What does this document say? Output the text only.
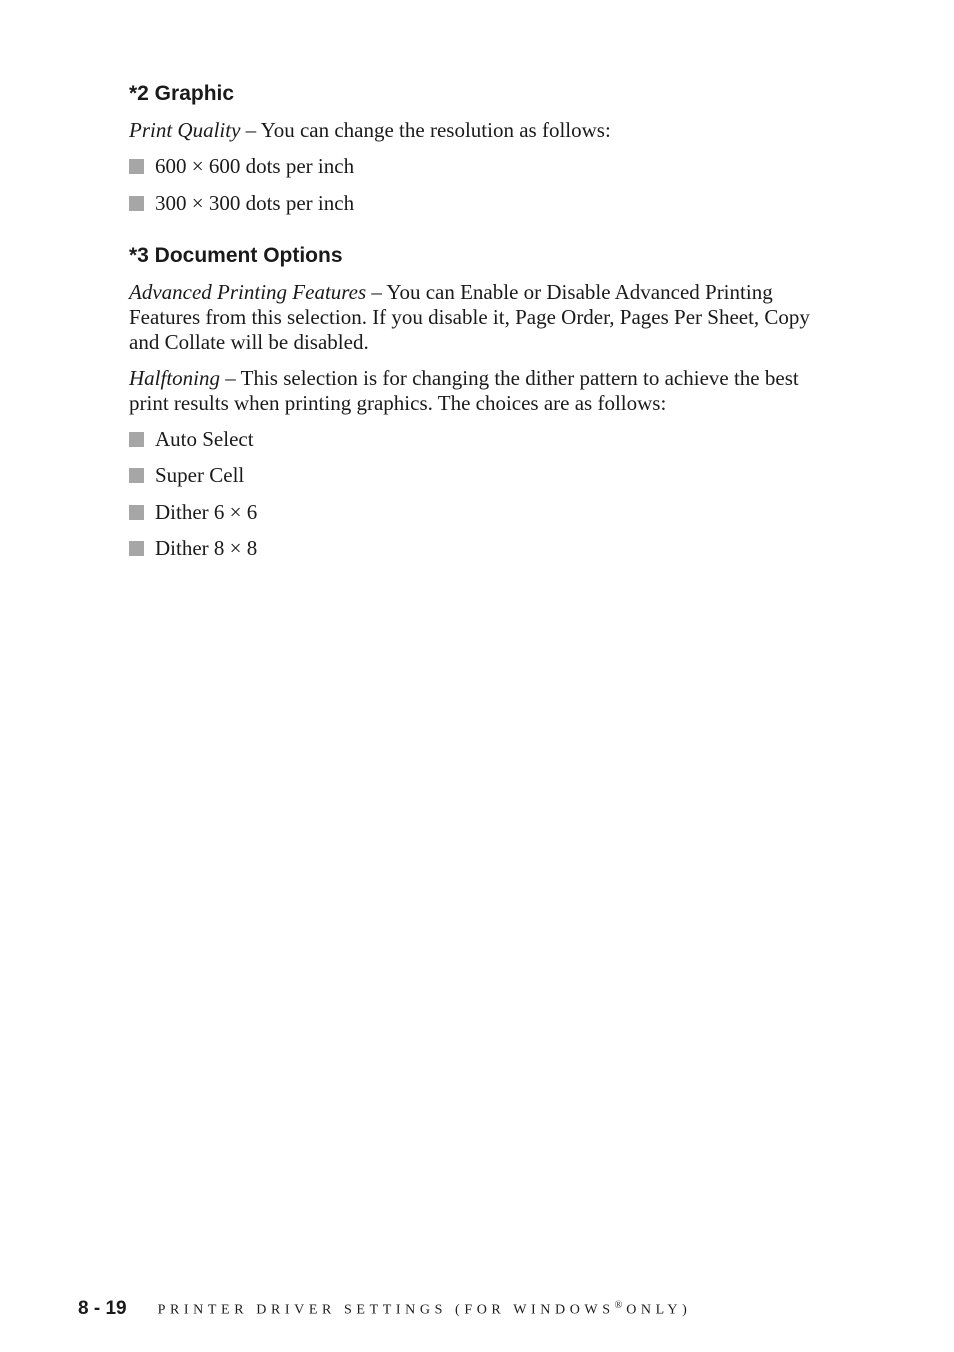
*2 Graphic

Print Quality – You can change the resolution as follows:

600 × 600 dots per inch
300 × 300 dots per inch
*3 Document Options

Advanced Printing Features – You can Enable or Disable Advanced Printing Features from this selection. If you disable it, Page Order, Pages Per Sheet, Copy and Collate will be disabled.

Halftoning – This selection is for changing the dither pattern to achieve the best print results when printing graphics. The choices are as follows:

Auto Select
Super Cell
Dither 6 × 6
Dither 8 × 8
8 - 19 PRINTER DRIVER SETTINGS (FOR WINDOWS® ONLY)
